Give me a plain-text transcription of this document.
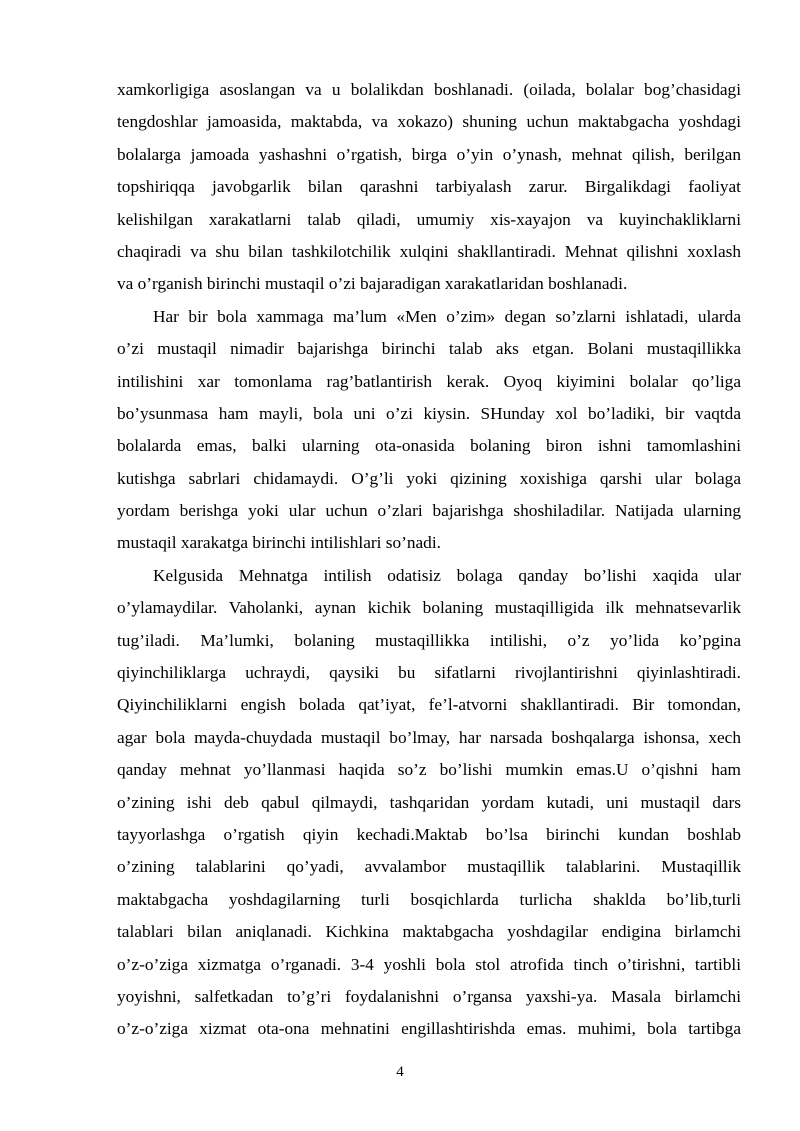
xamkorligiga asoslangan va u bolalikdan boshlanadi. (oilada, bolalar bog’chasidagi
tengdoshlar jamoasida, maktabda, va xokazo) shuning uchun maktabgacha yoshdagi
bolalarga jamoada yashashni o’rgatish, birga o’yin o’ynash, mehnat qilish, berilgan
topshiriqqa javobgarlik bilan qarashni tarbiyalash zarur. Birgalikdagi faoliyat
kelishilgan xarakatlarni talab qiladi, umumiy xis-xayajon va kuyinchakliklarni
chaqiradi va shu bilan tashkilotchilik xulqini shakllantiradi. Mehnat qilishni xoxlash
va o’rganish birinchi mustaqil o’zi bajaradigan xarakatlaridan boshlanadi.
Har bir bola xammaga ma’lum «Men o’zim» degan so’zlarni ishlatadi, ularda
o’zi mustaqil nimadir bajarishga birinchi talab aks etgan. Bolani mustaqillikka
intilishini xar tomonlama rag’batlantirish kerak. Oyoq kiyimini bolalar qo’liga
bo’ysunmasa ham mayli, bola uni o’zi kiysin. SHunday xol bo’ladiki, bir vaqtda
bolalarda emas, balki ularning ota-onasida bolaning biron ishni tamomlashini
kutishga sabrlari chidamaydi. O’g’li yoki qizining xoxishiga qarshi ular bolaga
yordam berishga yoki ular uchun o’zlari bajarishga shoshiladilar. Natijada ularning
mustaqil xarakatga birinchi intilishlari so’nadi.
Kelgusida Mehnatga intilish odatisiz bolaga qanday bo’lishi xaqida ular
o’ylamaydilar. Vaholanki, aynan kichik bolaning mustaqilligida ilk mehnatsevarlik
tug’iladi. Ma’lumki, bolaning mustaqillikka intilishi, o’z yo’lida ko’pgina
qiyinchiliklarga uchraydi, qaysiki bu sifatlarni rivojlantirishni qiyinlashtiradi.
Qiyinchiliklarni engish bolada qat’iyat, fe’l-atvorni shakllantiradi. Bir tomondan,
agar bola mayda-chuydada mustaqil bo’lmay, har narsada boshqalarga ishonsa, xech
qanday mehnat yo’llanmasi haqida so’z bo’lishi mumkin emas.U o’qishni ham
o’zining ishi deb qabul qilmaydi, tashqaridan yordam kutadi, uni mustaqil dars
tayyorlashga o’rgatish qiyin kechadi.Maktab bo’lsa birinchi kundan boshlab
o’zining talablarini qo’yadi, avvalambor mustaqillik talablarini. Mustaqillik
maktabgacha yoshdagilarning turli bosqichlarda turlicha shaklda bo’lib,turli
talablari bilan aniqlanadi. Kichkina maktabgacha yoshdagilar endigina birlamchi
o’z-o’ziga xizmatga o’rganadi. 3-4 yoshli bola stol atrofida tinch o’tirishni, tartibli
yoyishni, salfetkadan to’g’ri foydalanishni o’rgansa yaxshi-ya. Masala birlamchi
o’z-o’ziga xizmat ota-ona mehnatini engillashtirishda emas. muhimi, bola tartibga
4
